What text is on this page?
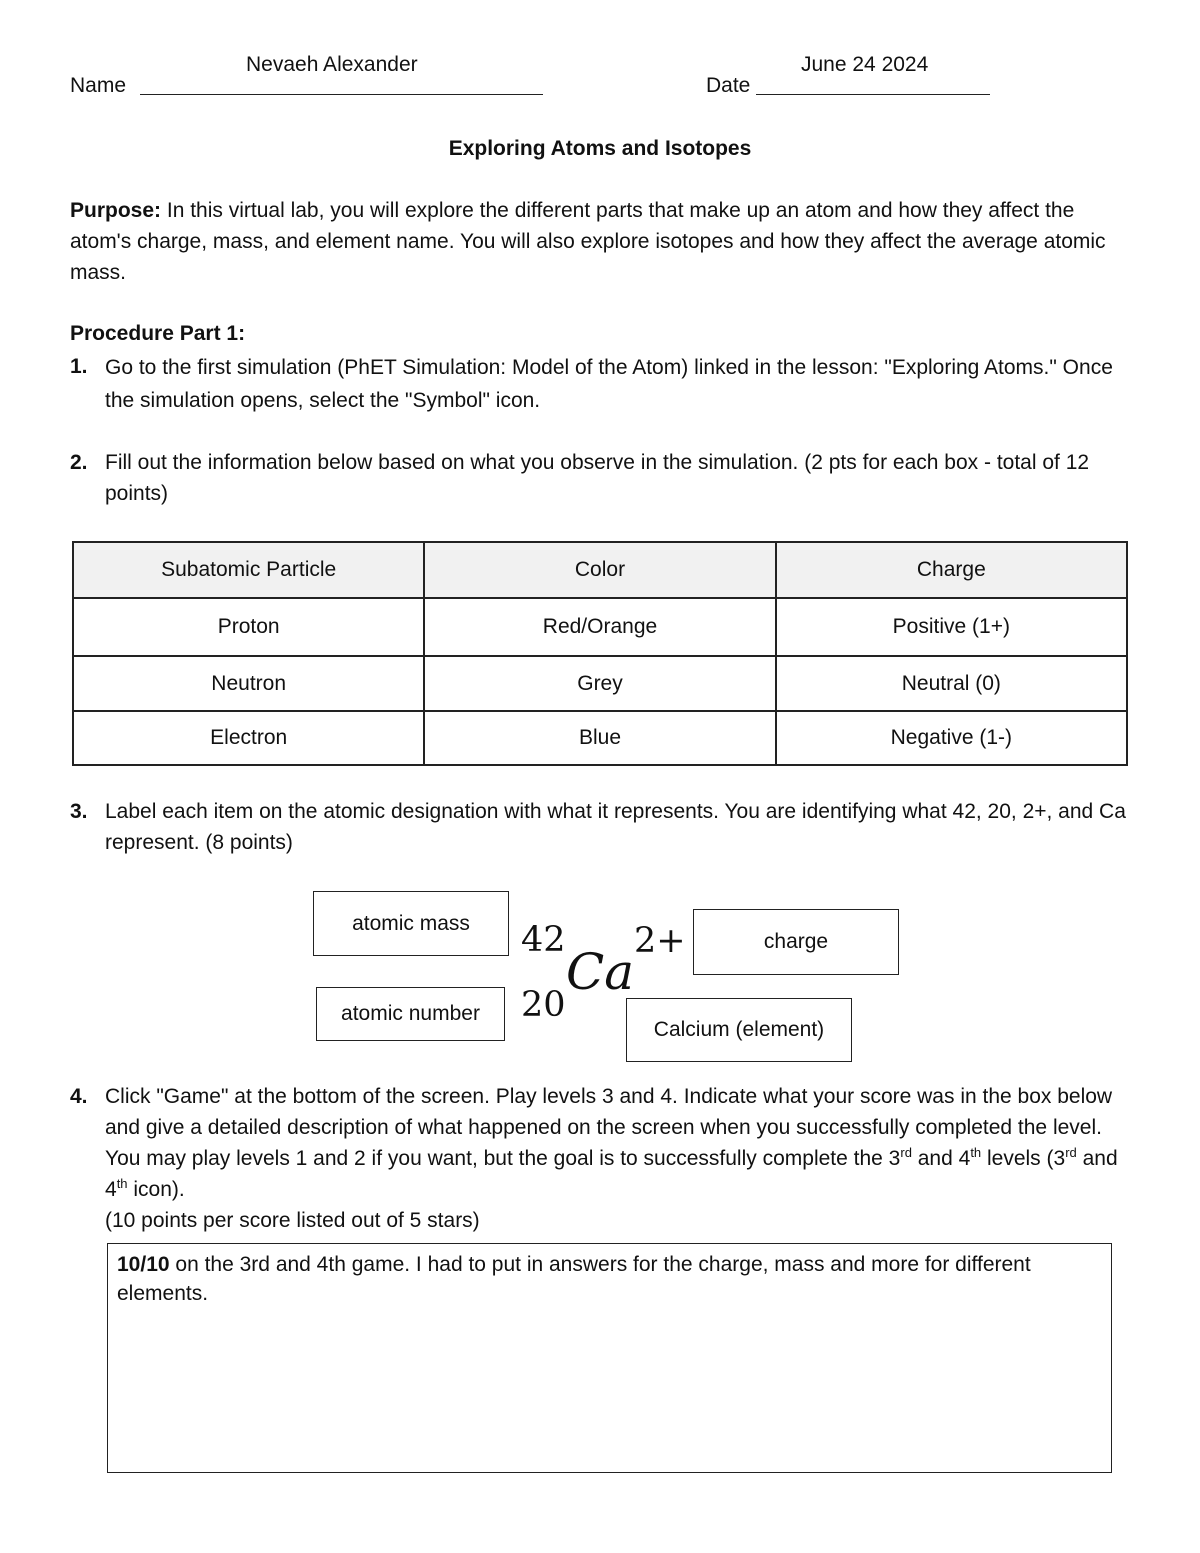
Nevaeh Alexander
Name
June 24 2024
Date
Exploring Atoms and Isotopes
Purpose: In this virtual lab, you will explore the different parts that make up an atom and how they affect the atom's charge, mass, and element name. You will also explore isotopes and how they affect the average atomic mass.
Procedure Part 1:
1. Go to the first simulation (PhET Simulation: Model of the Atom) linked in the lesson: "Exploring Atoms." Once the simulation opens, select the "Symbol" icon.
2. Fill out the information below based on what you observe in the simulation. (2 pts for each box - total of 12 points)
Subatomic Particle	Color	Charge
Proton	Red/Orange	Positive (1+)
Neutron	Grey	Neutral (0)
Electron	Blue	Negative (1-)
3. Label each item on the atomic designation with what it represents. You are identifying what 42, 20, 2+, and Ca represent. (8 points)
atomic mass
atomic number
charge
Calcium (element)
42
20
Ca
2+
4. Click "Game" at the bottom of the screen. Play levels 3 and 4. Indicate what your score was in the box below and give a detailed description of what happened on the screen when you successfully completed the level. You may play levels 1 and 2 if you want, but the goal is to successfully complete the 3rd and 4th levels (3rd and 4th icon).
(10 points per score listed out of 5 stars)
10/10 on the 3rd and 4th game. I had to put in answers for the charge, mass and more for different elements.
